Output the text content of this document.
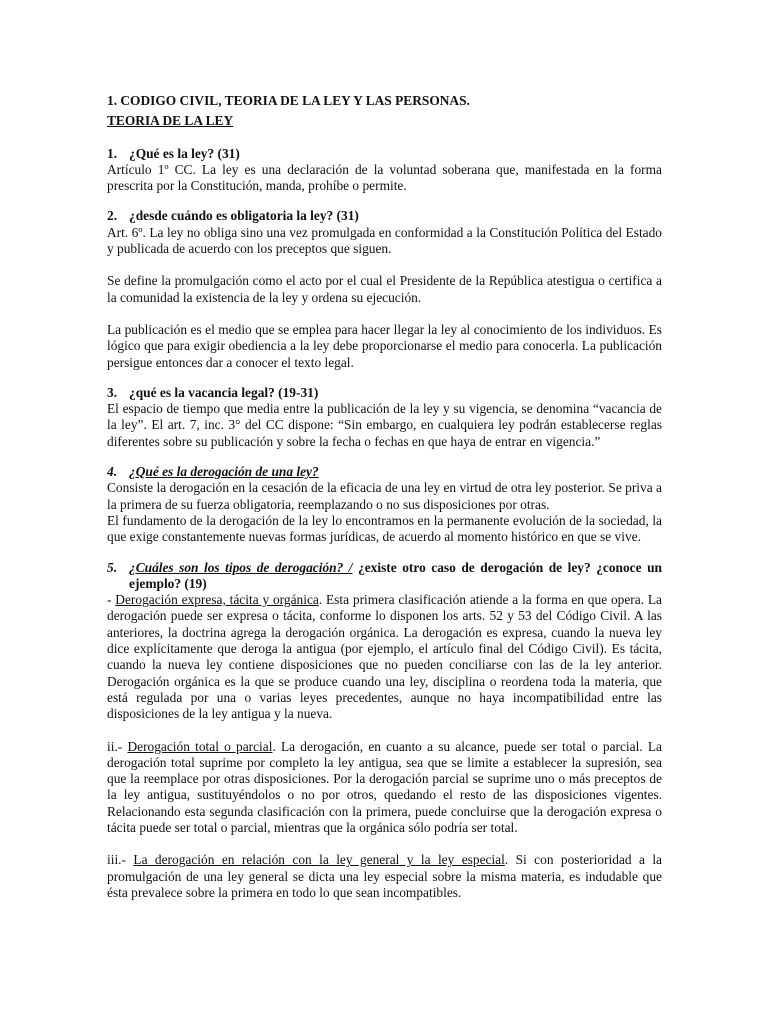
1. CODIGO CIVIL, TEORIA DE LA LEY Y LAS PERSONAS.

TEORIA DE LA LEY

1. ¿Qué es la ley? (31)

Artículo 1º CC. La ley es una declaración de la voluntad soberana que, manifestada en la forma prescrita por la Constitución, manda, prohíbe o permite.

2. ¿desde cuándo es obligatoria la ley? (31)

Art. 6º. La ley no obliga sino una vez promulgada en conformidad a la Constitución Política del Estado y publicada de acuerdo con los preceptos que siguen.

Se define la promulgación como el acto por el cual el Presidente de la República atestigua o certifica a la comunidad la existencia de la ley y ordena su ejecución.

La publicación es el medio que se emplea para hacer llegar la ley al conocimiento de los individuos. Es lógico que para exigir obediencia a la ley debe proporcionarse el medio para conocerla. La publicación persigue entonces dar a conocer el texto legal.

3. ¿qué es la vacancia legal? (19-31)

El espacio de tiempo que media entre la publicación de la ley y su vigencia, se denomina “vacancia de la ley”. El art. 7, inc. 3° del CC dispone: “Sin embargo, en cualquiera ley podrán establecerse reglas diferentes sobre su publicación y sobre la fecha o fechas en que haya de entrar en vigencia.”

4. ¿Qué es la derogación de una ley?

Consiste la derogación en la cesación de la eficacia de una ley en virtud de otra ley posterior. Se priva a la primera de su fuerza obligatoria, reemplazando o no sus disposiciones por otras.

El fundamento de la derogación de la ley lo encontramos en la permanente evolución de la sociedad, la que exige constantemente nuevas formas jurídicas, de acuerdo al momento histórico en que se vive.

5. ¿Cuáles son los tipos de derogación? / ¿existe otro caso de derogación de ley? ¿conoce un ejemplo? (19)

- Derogación expresa, tácita y orgánica. Esta primera clasificación atiende a la forma en que opera. La derogación puede ser expresa o tácita, conforme lo disponen los arts. 52 y 53 del Código Civil. A las anteriores, la doctrina agrega la derogación orgánica. La derogación es expresa, cuando la nueva ley dice explícitamente que deroga la antigua (por ejemplo, el artículo final del Código Civil). Es tácita, cuando la nueva ley contiene disposiciones que no pueden conciliarse con las de la ley anterior. Derogación orgánica es la que se produce cuando una ley, disciplina o reordena toda la materia, que está regulada por una o varias leyes precedentes, aunque no haya incompatibilidad entre las disposiciones de la ley antigua y la nueva.

ii.- Derogación total o parcial. La derogación, en cuanto a su alcance, puede ser total o parcial. La derogación total suprime por completo la ley antigua, sea que se limite a establecer la supresión, sea que la reemplace por otras disposiciones. Por la derogación parcial se suprime uno o más preceptos de la ley antigua, sustituyéndolos o no por otros, quedando el resto de las disposiciones vigentes. Relacionando esta segunda clasificación con la primera, puede concluirse que la derogación expresa o tácita puede ser total o parcial, mientras que la orgánica sólo podría ser total.

iii.- La derogación en relación con la ley general y la ley especial. Si con posterioridad a la promulgación de una ley general se dicta una ley especial sobre la misma materia, es indudable que ésta prevalece sobre la primera en todo lo que sean incompatibles.
